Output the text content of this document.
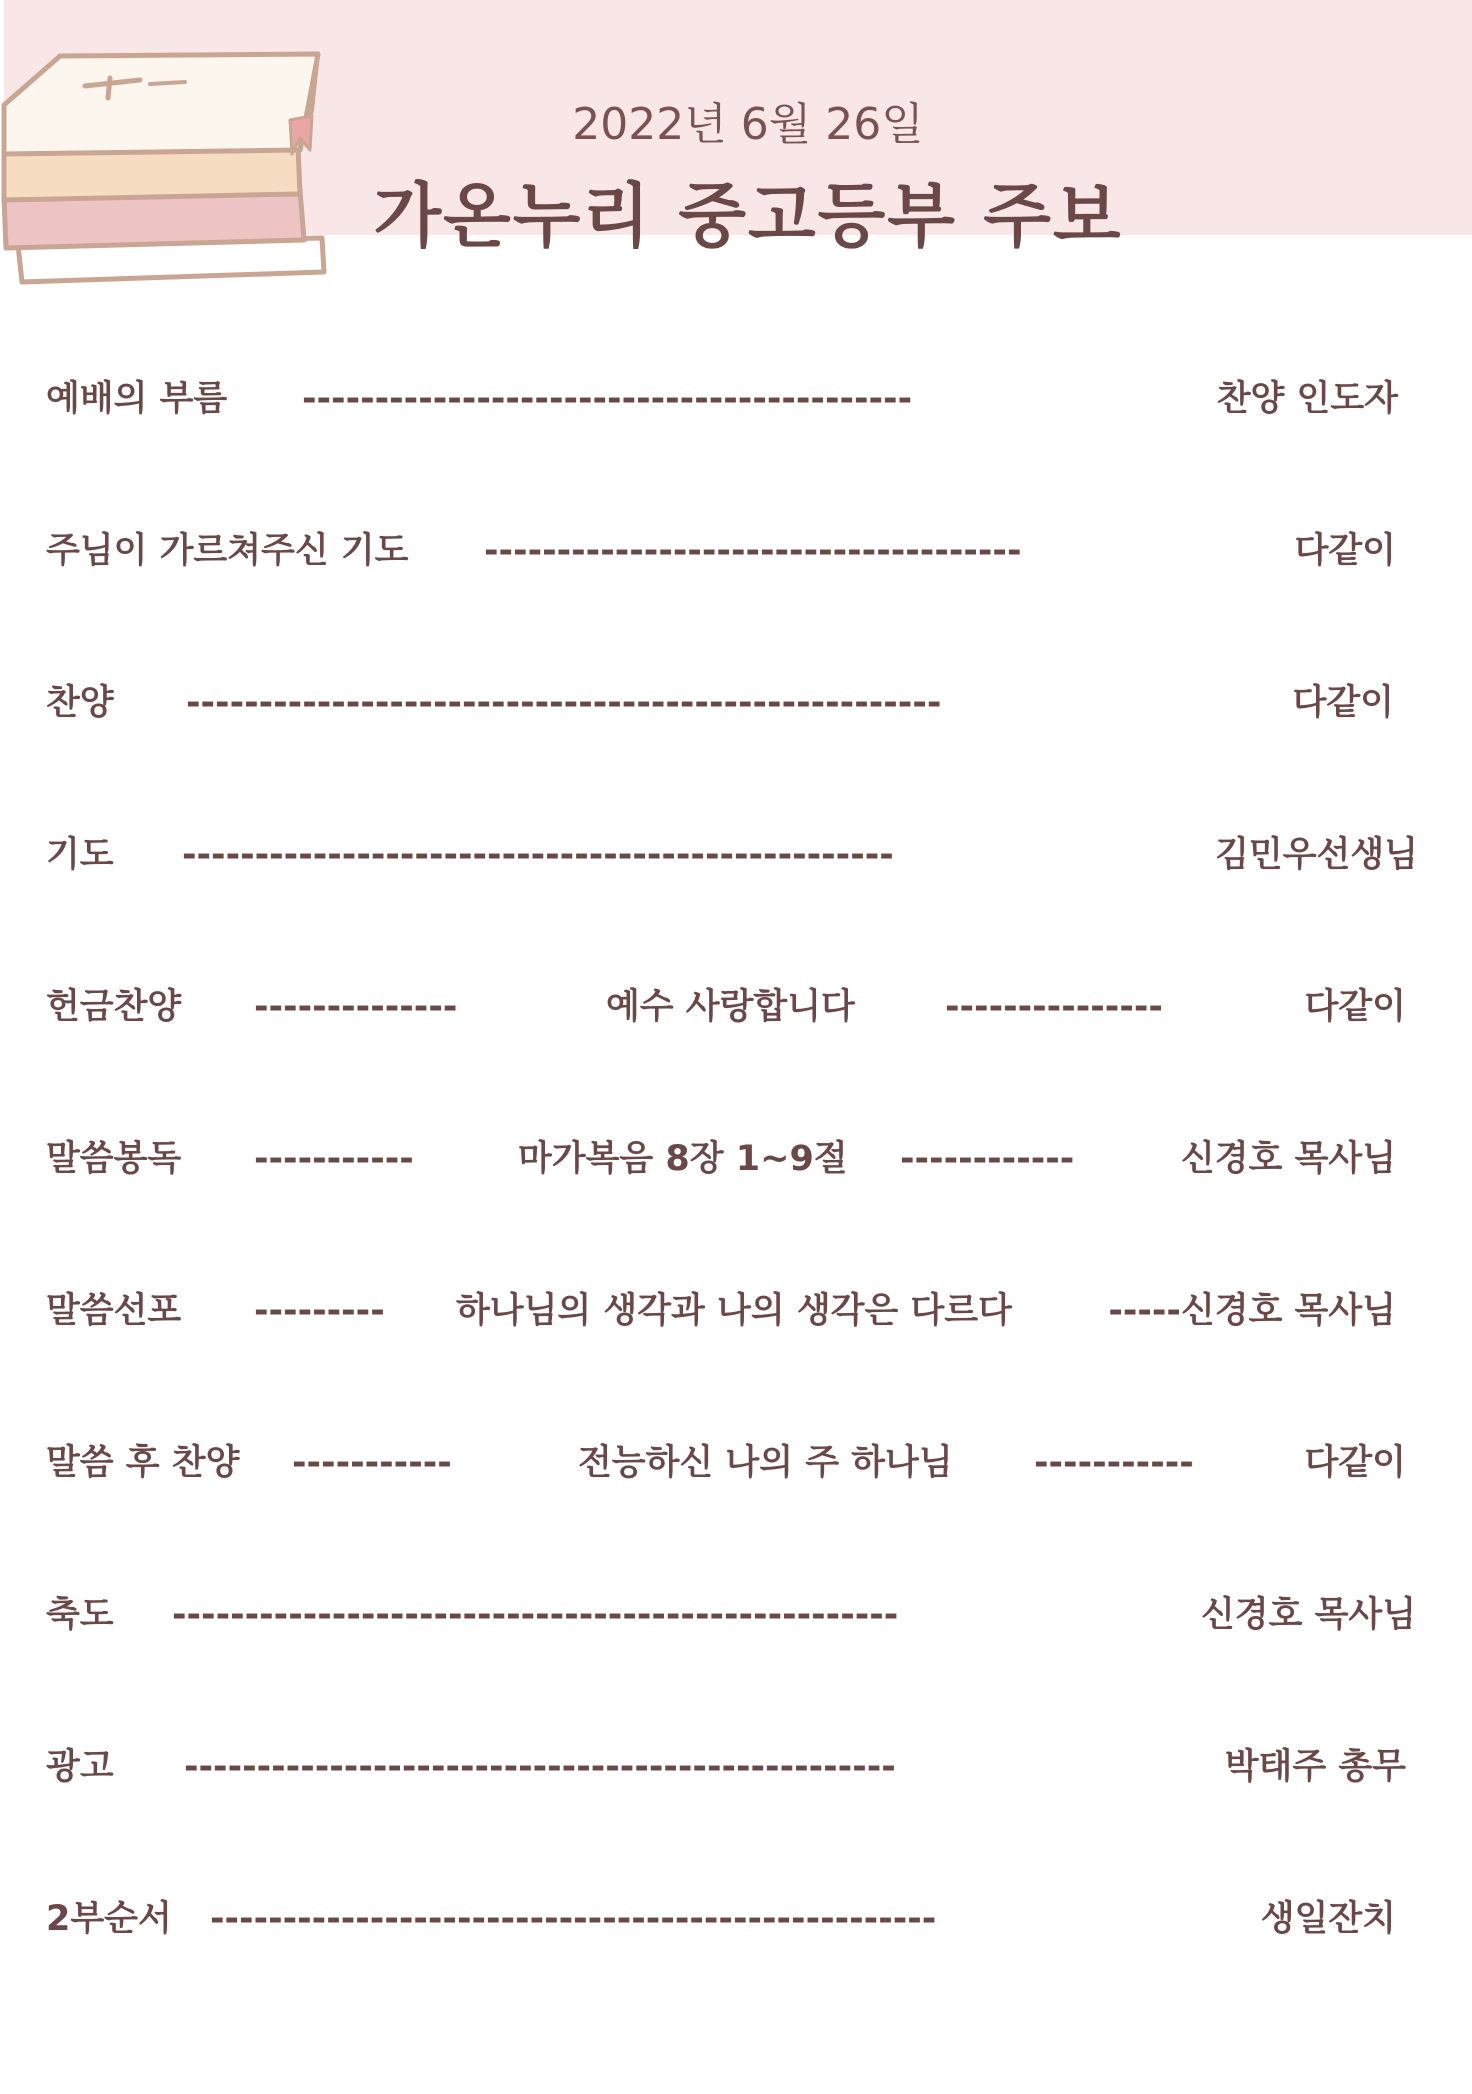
2022년 6월 26일
가온누리 중고등부 주보
예배의 부름 ------------------------------------------	찬양 인도자
주님이 가르쳐주신 기도 -------------------------------------	다같이
찬양 ----------------------------------------------------	다같이
기도 -------------------------------------------------	김민우선생님
헌금찬양 --------------	예수 사랑합니다	---------------	다같이
말씀봉독 -----------	마가복음 8장 1~9절 ------------	신경호 목사님
말씀선포 --------- 하나님의 생각과 나의 생각은 다르다	-----신경호 목사님
말씀 후 찬양 -----------	전능하신 나의 주 하나님 -----------	다같이
축도 --------------------------------------------------	신경호 목사님
광고 -------------------------------------------------	박태주 총무
2부순서 --------------------------------------------------	생일잔치
